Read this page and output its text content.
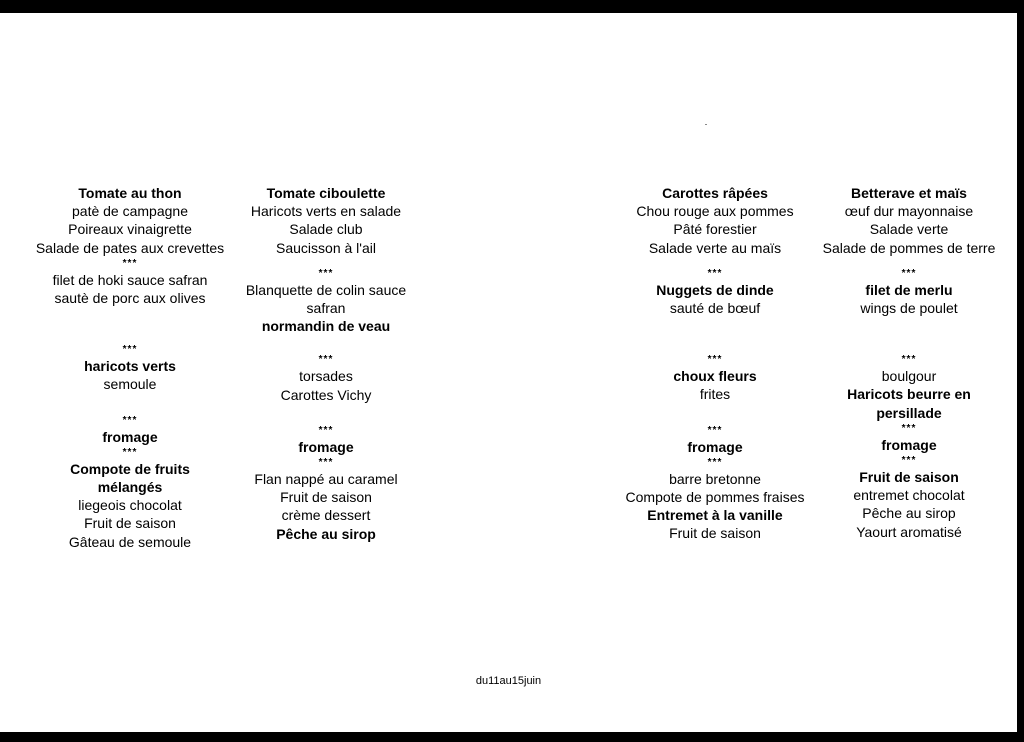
Tomate au thon
patè de campagne
Poireaux vinaigrette
Salade de pates aux crevettes
***
filet de hoki sauce safran
sautè de porc aux olives
***
haricots verts
semoule
***
fromage
***
Compote de fruits mélangés
liegeois chocolat
Fruit de saison
Gâteau de semoule
Tomate ciboulette
Haricots verts en salade
Salade club
Saucisson à l'ail
***
Blanquette de colin sauce safran
normandin de veau
***
torsades
Carottes Vichy
***
fromage
***
Flan nappé au caramel
Fruit de saison
crème dessert
Pêche au sirop
Carottes râpées
Chou rouge aux pommes
Pâté forestier
Salade verte au maïs
***
Nuggets de dinde
sauté de bœuf
***
choux fleurs
frites
***
fromage
***
barre bretonne
Compote de pommes fraises
Entremet à la vanille
Fruit de saison
Betterave et maïs
œuf dur mayonnaise
Salade verte
Salade de pommes de terre
***
filet de merlu
wings de poulet
***
boulgour
Haricots beurre en persillade
***
fromage
***
Fruit de saison
entremet chocolat
Pêche au sirop
Yaourt aromatisé
du11au15juin
